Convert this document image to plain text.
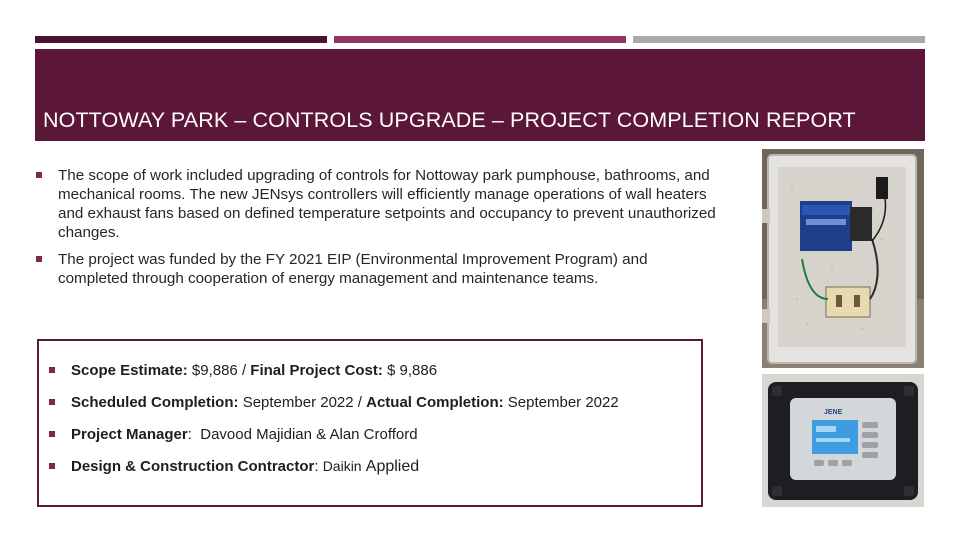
NOTTOWAY PARK – CONTROLS UPGRADE – PROJECT COMPLETION REPORT
The scope of work included upgrading of controls for Nottoway park pumphouse, bathrooms, and mechanical rooms. The new JENsys controllers will efficiently manage operations of wall heaters and exhaust fans based on defined temperature setpoints and occupancy to prevent unauthorized changes.
The project was funded by the FY 2021 EIP (Environmental Improvement Program) and completed through cooperation of energy management and maintenance teams.
Scope Estimate: $9,886 / Final Project Cost: $ 9,886
Scheduled Completion: September 2022 / Actual Completion: September 2022
Project Manager:  Davood Majidian & Alan Crofford
Design & Construction Contractor: Daikin Applied
JENE
